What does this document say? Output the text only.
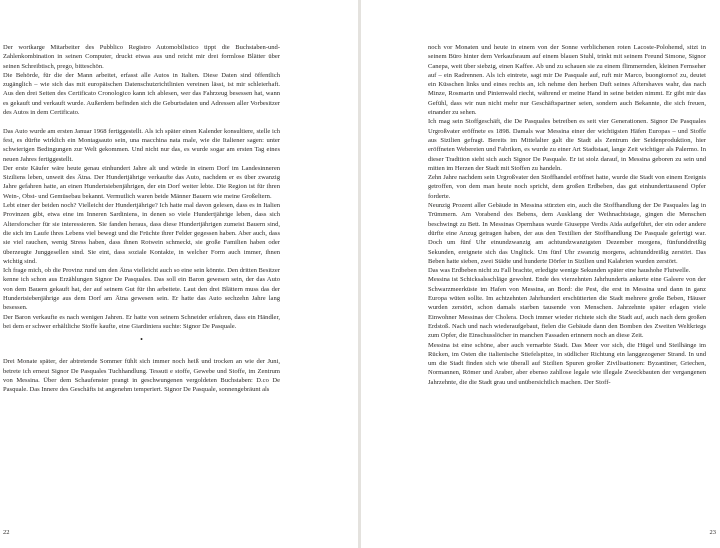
Der wortkarge Mitarbeiter des Pubblico Registro Automobilistico tippt die Buchstaben-und-Zahlenkombination in seinen Computer, druckt etwas aus und reicht mir drei formlose Blätter über seinen Schreibtisch, prego, bitteschön.

Die Behörde, für die der Mann arbeitet, erfasst alle Autos in Italien. Diese Daten sind öffentlich zugänglich – wie sich das mit europäischen Datenschutzrichtlinien vereinen lässt, ist mir schleierhaft. Aus den drei Seiten des Certificato Cronologico kann ich ablesen, wer das Fahrzeug besessen hat, wann es gekauft und verkauft wurde. Außerdem befinden sich die Geburtsdaten und Adressen aller Vorbesitzer des Autos in dem Certificato.

Das Auto wurde am ersten Januar 1968 fertiggestellt. Als ich später einen Kalender konsultiere, stelle ich fest, es dürfte wirklich ein Montagsauto sein, una macchina nata male, wie die Italiener sagen: unter schwierigen Bedingungen zur Welt gekommen. Und nicht nur das, es wurde sogar am ersten Tag eines neuen Jahres fertiggestellt.

Der erste Käufer wäre heute genau einhundert Jahre alt und würde in einem Dorf im Landesinneren Siziliens leben, unweit des Ätna. Der Hundertjährige verkaufte das Auto, nachdem er es über zwanzig Jahre gefahren hatte, an einen Hundertsiebenjährigen, der ein Dorf weiter lebte. Die Region ist für ihren Wein-, Obst- und Gemüsebau bekannt. Vermutlich waren beide Männer Bauern wie meine Großeltern.

Lebt einer der beiden noch? Vielleicht der Hundertjährige? Ich hatte mal davon gelesen, dass es in Italien Provinzen gibt, etwa eine im Inneren Sardiniens, in denen so viele Hundertjährige leben, dass sich Altersforscher für sie interessieren. Sie fanden heraus, dass diese Hundertjährigen zumeist Bauern sind, die sich im Laufe ihres Lebens viel bewegt und die Früchte ihrer Felder gegessen haben. Aber auch, dass sie viel rauchen, wenig Stress haben, dass ihnen Rotwein schmeckt, sie große Familien haben oder überzeugte Junggesellen sind. Sie eint, dass soziale Kontakte, in welcher Form auch immer, ihnen wichtig sind.

Ich frage mich, ob die Provinz rund um den Ätna vielleicht auch so eine sein könnte. Den dritten Besitzer kenne ich schon aus Erzählungen Signor De Pasquales. Das soll ein Baron gewesen sein, der das Auto von dem Bauern gekauft hat, der auf seinem Gut für ihn arbeitete. Laut den drei Blättern muss das der Hundertsiebenjährige aus dem Dorf am Ätna gewesen sein. Er hatte das Auto sechzehn Jahre lang besessen.

Der Baron verkaufte es nach wenigen Jahren. Er hatte von seinem Schneider erfahren, dass ein Händler, bei dem er schwer erhältliche Stoffe kaufte, eine Giardiniera suchte: Signor De Pasquale.

•

Drei Monate später, der abtretende Sommer fühlt sich immer noch heiß und trocken an wie der Juni, betrete ich erneut Signor De Pasquales Tuchhandlung. Tessuti e stoffe, Gewebe und Stoffe, im Zentrum von Messina. Über dem Schaufenster prangt in geschwungenen vergoldeten Buchstaben: D.co De Pasquale. Das Innere des Geschäfts ist angenehm temperiert. Signor De Pasquale, sonnengebräunt als

22

noch vor Monaten und heute in einem von der Sonne verblichenen roten Lacoste-Polohemd, sitzt in seinem Büro hinter dem Verkaufsraum auf einem blauen Stuhl, trinkt mit seinem Freund Simone, Signor Canepa, weit über siebzig, einen Kaffee. Ab und zu schauen sie zu einem flimmernden, kleinen Fernseher auf – ein Radrennen. Als ich eintrete, sagt mir De Pasquale auf, ruft mir Marco, buongiorno! zu, deutet ein Küsschen links und eines rechts an, ich nehme den herben Duft seines Aftershaves wahr, das nach Minze, Rosmarin und Pinienwald riecht, während er meine Hand in seine beiden nimmt. Er gibt mir das Gefühl, dass wir nun nicht mehr nur Geschäftspartner seien, sondern auch Bekannte, die sich freuen, einander zu sehen.

Ich mag sein Stoffgeschäft, die De Pasquales betreiben es seit vier Generationen. Signor De Pasquales Urgroßvater eröffnete es 1898. Damals war Messina einer der wichtigsten Häfen Europas – und Stoffe aus Sizilien gefragt. Bereits im Mittelalter galt die Stadt als Zentrum der Seidenproduktion, hier eröffneten Webereien und Fabriken, es wurde zu einer Art Stadtstaat, lange Zeit wichtiger als Palermo. In dieser Tradition sieht sich auch Signor De Pasquale. Er ist stolz darauf, in Messina geboren zu sein und mitten im Herzen der Stadt mit Stoffen zu handeln.

Zehn Jahre nachdem sein Urgroßvater den Stoffhandel eröffnet hatte, wurde die Stadt von einem Ereignis getroffen, von dem man heute noch spricht, dem großen Erdbeben, das gut einhunderttausend Opfer forderte.

Neunzig Prozent aller Gebäude in Messina stürzten ein, auch die Stoffhandlung der De Pasquales lag in Trümmern. Am Vorabend des Bebens, dem Ausklang der Weihnachtstage, gingen die Menschen beschwingt zu Bett. In Messinas Opernhaus wurde Giuseppe Verdis Aida aufgeführt, der ein oder andere dürfte eine Anzug getragen haben, der aus den Textilien der Stoffhandlung De Pasquale gefertigt war. Doch um fünf Uhr einundzwanzig am achtundzwanzigsten Dezember morgens, fünfunddreißig Sekunden, ereignete sich das Unglück. Um fünf Uhr zwanzig morgens, achtunddreißig zerstört. Das Beben hatte sieben, zwei Städte und hunderte Dörfer in Sizilien und Kalabrien wurden zerstört.

Das was Erdbeben nicht zu Fall brachte, erledigte wenige Sekunden später eine haushohe Flutwelle.

Messina ist Schicksalsschläge gewohnt. Ende des vierzehnten Jahrhunderts ankerte eine Galeere von der Schwarzmeerküste im Hafen von Messina, an Bord: die Pest, die erst in Messina und dann in ganz Europa wüten sollte. Im achtzehnten Jahrhundert erschütterten die Stadt mehrere große Beben, Häuser wurden zerstört, schon damals starben tausende von Menschen. Jahrzehnte später erlagen viele Einwohner Messinas der Cholera. Doch immer wieder richtete sich die Stadt auf, auch nach dem großen Erdstoß. Nach und nach wiederaufgebaut, fielen die Gebäude dann den Bomben des Zweiten Weltkriegs zum Opfer, die Einschusslöcher in manchen Fassaden erinnern noch an diese Zeit.

Messina ist eine schöne, aber auch vernarbte Stadt. Das Meer vor sich, die Hügel und Steilhänge im Rücken, im Osten die italienische Stiefelspitze, in südlicher Richtung ein langgezogener Strand. In und um die Stadt finden sich wie überall auf Sizilien Spuren großer Zivilisationen: Byzantiner, Griechen, Normannen, Römer und Araber, aber ebenso zahllose legale wie illegale Zweckbauten der vergangenen Jahrzehnte, die die Stadt grau und unübersichtlich machen. Der Stoff-

23
